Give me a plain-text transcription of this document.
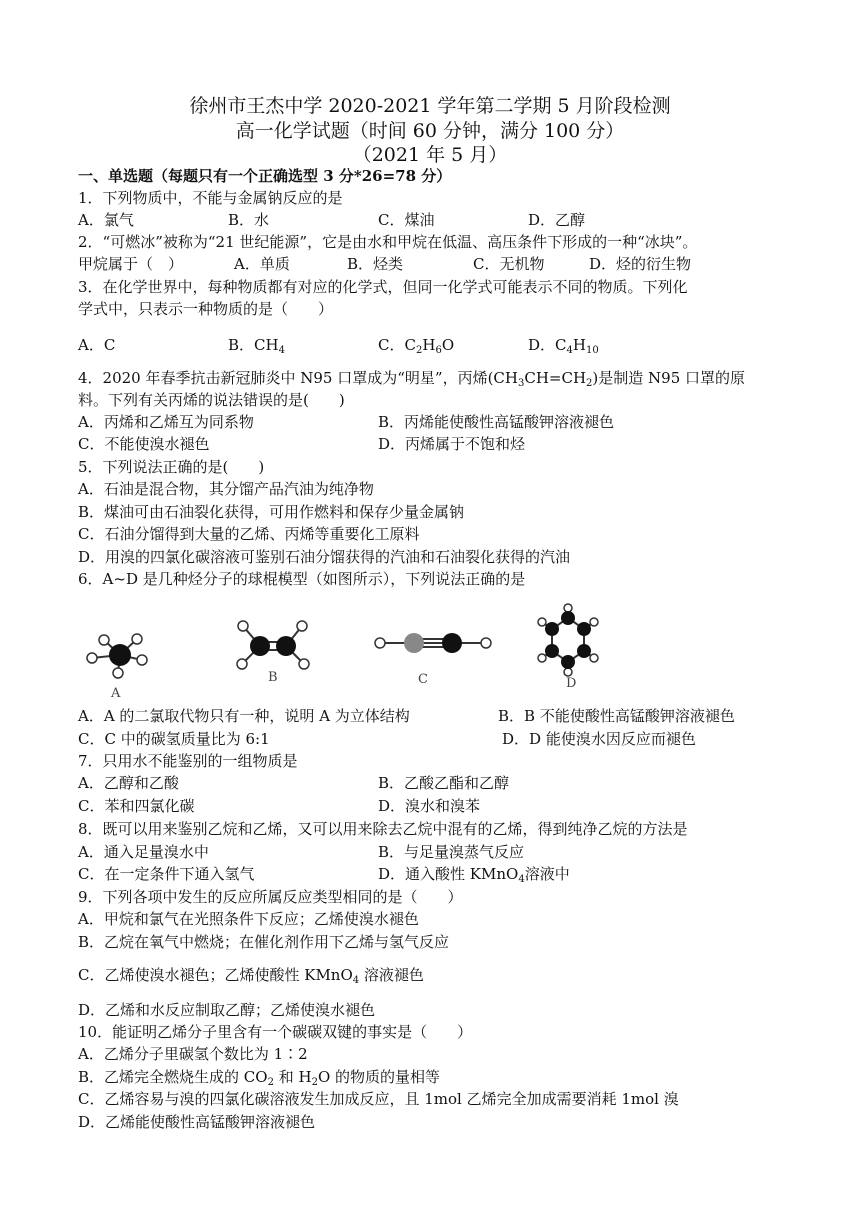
徐州市王杰中学 2020-2021 学年第二学期 5 月阶段检测
高一化学试题（时间 60 分钟，满分 100 分）
（2021 年 5 月）
一、单选题（每题只有一个正确选型 3 分*26=78 分）
1．下列物质中，不能与金属钠反应的是
A．氯气	B．水	C．煤油	D．乙醇
2．“可燃冰”被称为“21 世纪能源”，它是由水和甲烷在低温、高压条件下形成的一种“冰块”。
甲烷属于（　）	A．单质	B．烃类	C．无机物	D．烃的衍生物
3．在化学世界中，每种物质都有对应的化学式，但同一化学式可能表示不同的物质。下列化
学式中，只表示一种物质的是（　　）
A．C	B．$CH_4$	C．$C_2H_6O$	D．$C_4H_{10}$
4．2020 年春季抗击新冠肺炎中 N95 口罩成为“明星”，丙烯$(CH_3CH=CH_2)$是制造 N95 口罩的原
料。下列有关丙烯的说法错误的是(　　)
A．丙烯和乙烯互为同系物	B．丙烯能使酸性高锰酸钾溶液褪色
C．不能使溴水褪色	D．丙烯属于不饱和烃
5．下列说法正确的是(　　)
A．石油是混合物，其分馏产品汽油为纯净物
B．煤油可由石油裂化获得，可用作燃料和保存少量金属钠
C．石油分馏得到大量的乙烯、丙烯等重要化工原料
D．用溴的四氯化碳溶液可鉴别石油分馏获得的汽油和石油裂化获得的汽油
6．A~D 是几种烃分子的球棍模型（如图所示），下列说法正确的是
A
B	C	D
A．A 的二氯取代物只有一种，说明 A 为立体结构	B．B 不能使酸性高锰酸钾溶液褪色
C．C 中的碳氢质量比为 6:1	D．D 能使溴水因反应而褪色
7．只用水不能鉴别的一组物质是
A．乙醇和乙酸	B．乙酸乙酯和乙醇
C．苯和四氯化碳	D．溴水和溴苯
8．既可以用来鉴别乙烷和乙烯，又可以用来除去乙烷中混有的乙烯，得到纯净乙烷的方法是
A．通入足量溴水中	B．与足量溴蒸气反应
C．在一定条件下通入氢气	D．通入酸性 KMnO$_4$溶液中
9．下列各项中发生的反应所属反应类型相同的是（　　）
A．甲烷和氯气在光照条件下反应；乙烯使溴水褪色
B．乙烷在氧气中燃烧；在催化剂作用下乙烯与氢气反应
C．乙烯使溴水褪色；乙烯使酸性 KMnO$_4$ 溶液褪色
D．乙烯和水反应制取乙醇；乙烯使溴水褪色
10．能证明乙烯分子里含有一个碳碳双键的事实是（　　）
A．乙烯分子里碳氢个数比为 1∶2
B．乙烯完全燃烧生成的 $CO_2$ 和 $H_2O$ 的物质的量相等
C．乙烯容易与溴的四氯化碳溶液发生加成反应，且 1mol 乙烯完全加成需要消耗 1mol 溴
D．乙烯能使酸性高锰酸钾溶液褪色
